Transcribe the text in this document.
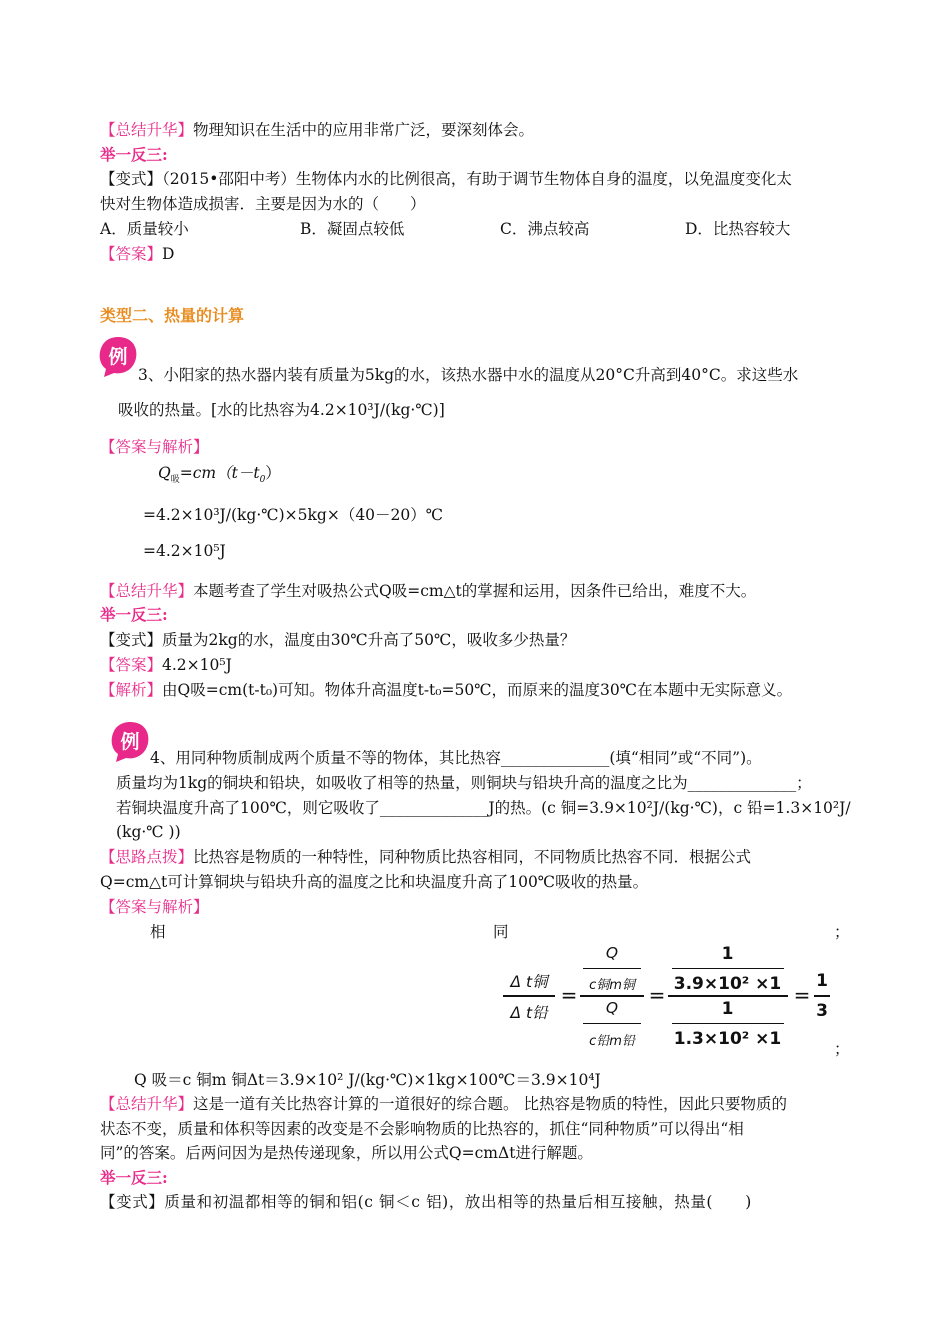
【总结升华】物理知识在生活中的应用非常广泛，要深刻体会。
举一反三:
【变式】（2015•邵阳中考）生物体内水的比例很高，有助于调节生物体自身的温度，以免温度变化太
快对生物体造成损害．主要是因为水的（　　）
A．质量较小	B．凝固点较低	C．沸点较高	D．比热容较大
【答案】D
类型二、热量的计算
例
3、小阳家的热水器内装有质量为5kg的水，该热水器中水的温度从20°C升高到40°C。求这些水
吸收的热量。[水的比热容为4.2×10³J/(kg·℃)]
【答案与解析】
$Q_吸=cm(t-t_0)$
=4.2×10³J/(kg·℃)×5kg×（40－20）℃
=4.2×10⁵J
【总结升华】本题考查了学生对吸热公式Q吸=cm△t的掌握和运用，因条件已给出，难度不大。
举一反三:
【变式】质量为2kg的水，温度由30℃升高了50℃，吸收多少热量？
【答案】4.2×10⁵J
【解析】由Q吸=cm(t-t₀)可知。物体升高温度t-t₀=50℃，而原来的温度30℃在本题中无实际意义。
例
4、用同种物质制成两个质量不等的物体，其比热容______________(填“相同”或“不同”)。
质量均为1kg的铜块和铅块，如吸收了相等的热量，则铜块与铅块升高的温度之比为______________；
若铜块温度升高了100℃，则它吸收了______________J的热。(c 铜=3.9×10²J/(kg·℃)，c 铅=1.3×10²J/
(kg·℃ ))
【思路点拨】比热容是物质的一种特性，同种物质比热容相同，不同物质比热容不同．根据公式
Q=cm△t可计算铜块与铅块升高的温度之比和块温度升高了100℃吸收的热量。
【答案与解析】
相	同	；
Δ t铜
Δ t铅
=
Q
c铜m铜
Q
c铅m铅
=
1
3.9×10² ×1
1
1.3×10² ×1
=
1
3
；
Q 吸＝c 铜m 铜Δt＝3.9×10² J/(kg·℃)×1kg×100℃＝3.9×10⁴J
【总结升华】这是一道有关比热容计算的一道很好的综合题。 比热容是物质的特性，因此只要物质的
状态不变，质量和体积等因素的改变是不会影响物质的比热容的，抓住“同种物质”可以得出“相
同”的答案。后两问因为是热传递现象，所以用公式Q=cmΔt进行解题。
举一反三:
【变式】质量和初温都相等的铜和铝(c 铜＜c 铝)，放出相等的热量后相互接触，热量(　　)
